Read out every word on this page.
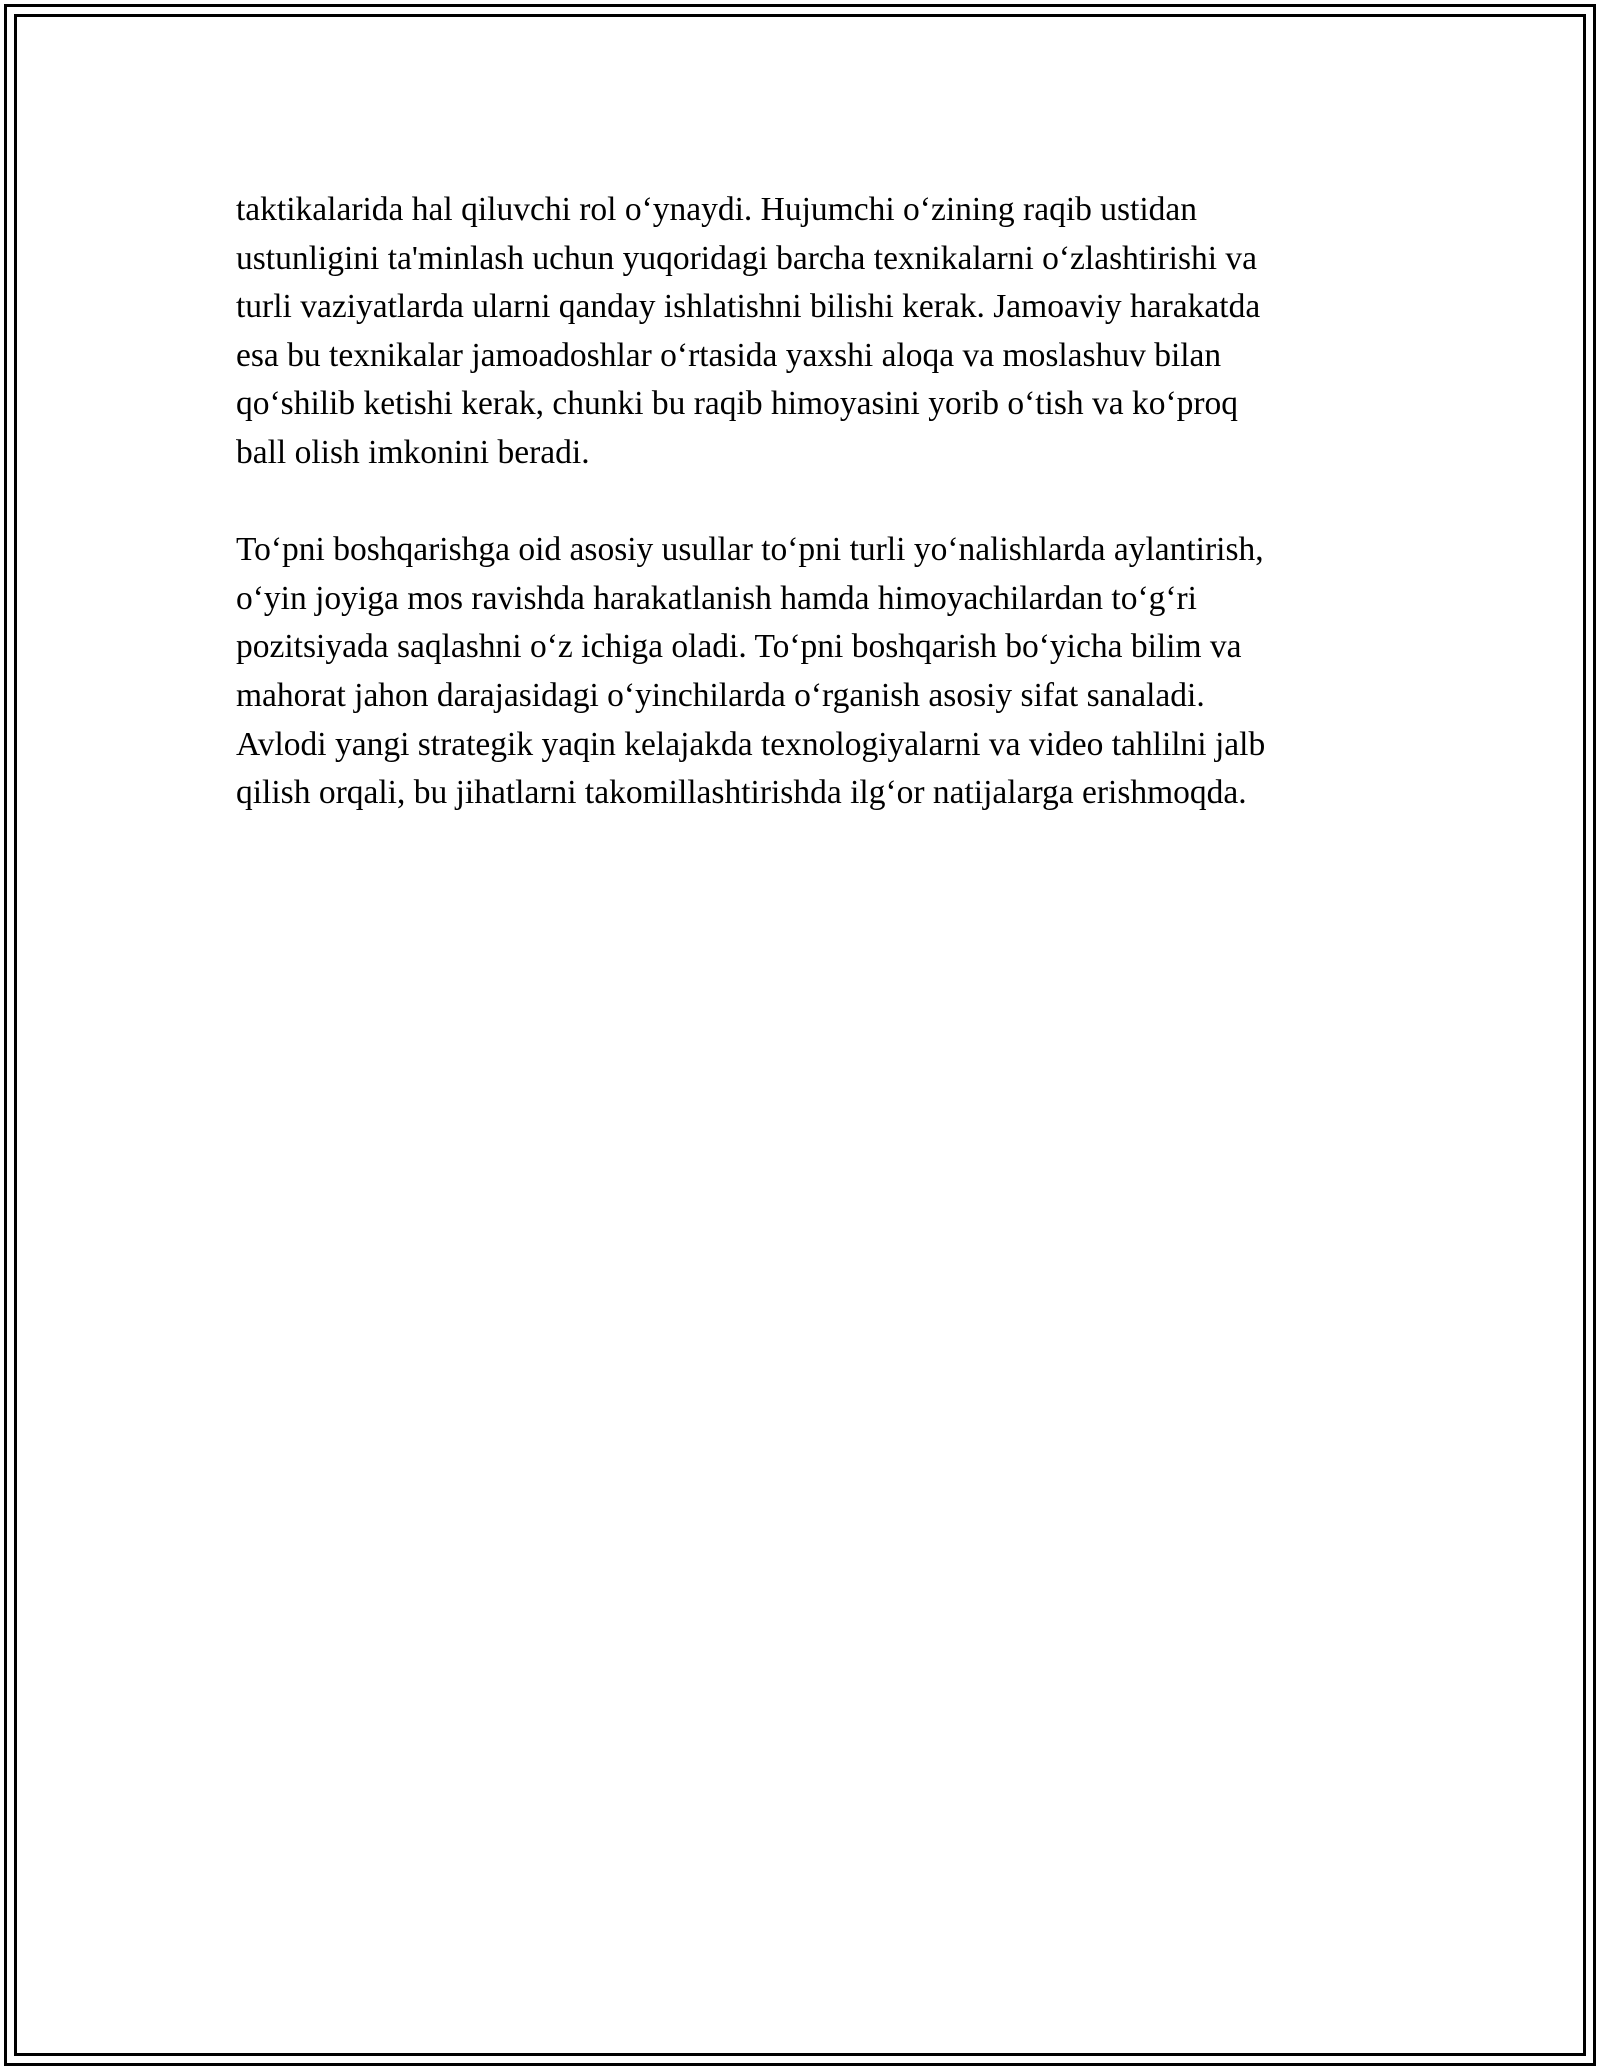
taktikalarida hal qiluvchi rol o‘ynaydi. Hujumchi o‘zining raqib ustidan
ustunligini ta'minlash uchun yuqoridagi barcha texnikalarni o‘zlashtirishi va
turli vaziyatlarda ularni qanday ishlatishni bilishi kerak. Jamoaviy harakatda
esa bu texnikalar jamoadoshlar o‘rtasida yaxshi aloqa va moslashuv bilan
qo‘shilib ketishi kerak, chunki bu raqib himoyasini yorib o‘tish va ko‘proq
ball olish imkonini beradi.

To‘pni boshqarishga oid asosiy usullar to‘pni turli yo‘nalishlarda aylantirish,
o‘yin joyiga mos ravishda harakatlanish hamda himoyachilardan to‘g‘ri
pozitsiyada saqlashni o‘z ichiga oladi. To‘pni boshqarish bo‘yicha bilim va
mahorat jahon darajasidagi o‘yinchilarda o‘rganish asosiy sifat sanaladi.
Avlodi yangi strategik yaqin kelajakda texnologiyalarni va video tahlilni jalb
qilish orqali, bu jihatlarni takomillashtirishda ilg‘or natijalarga erishmoqda.
